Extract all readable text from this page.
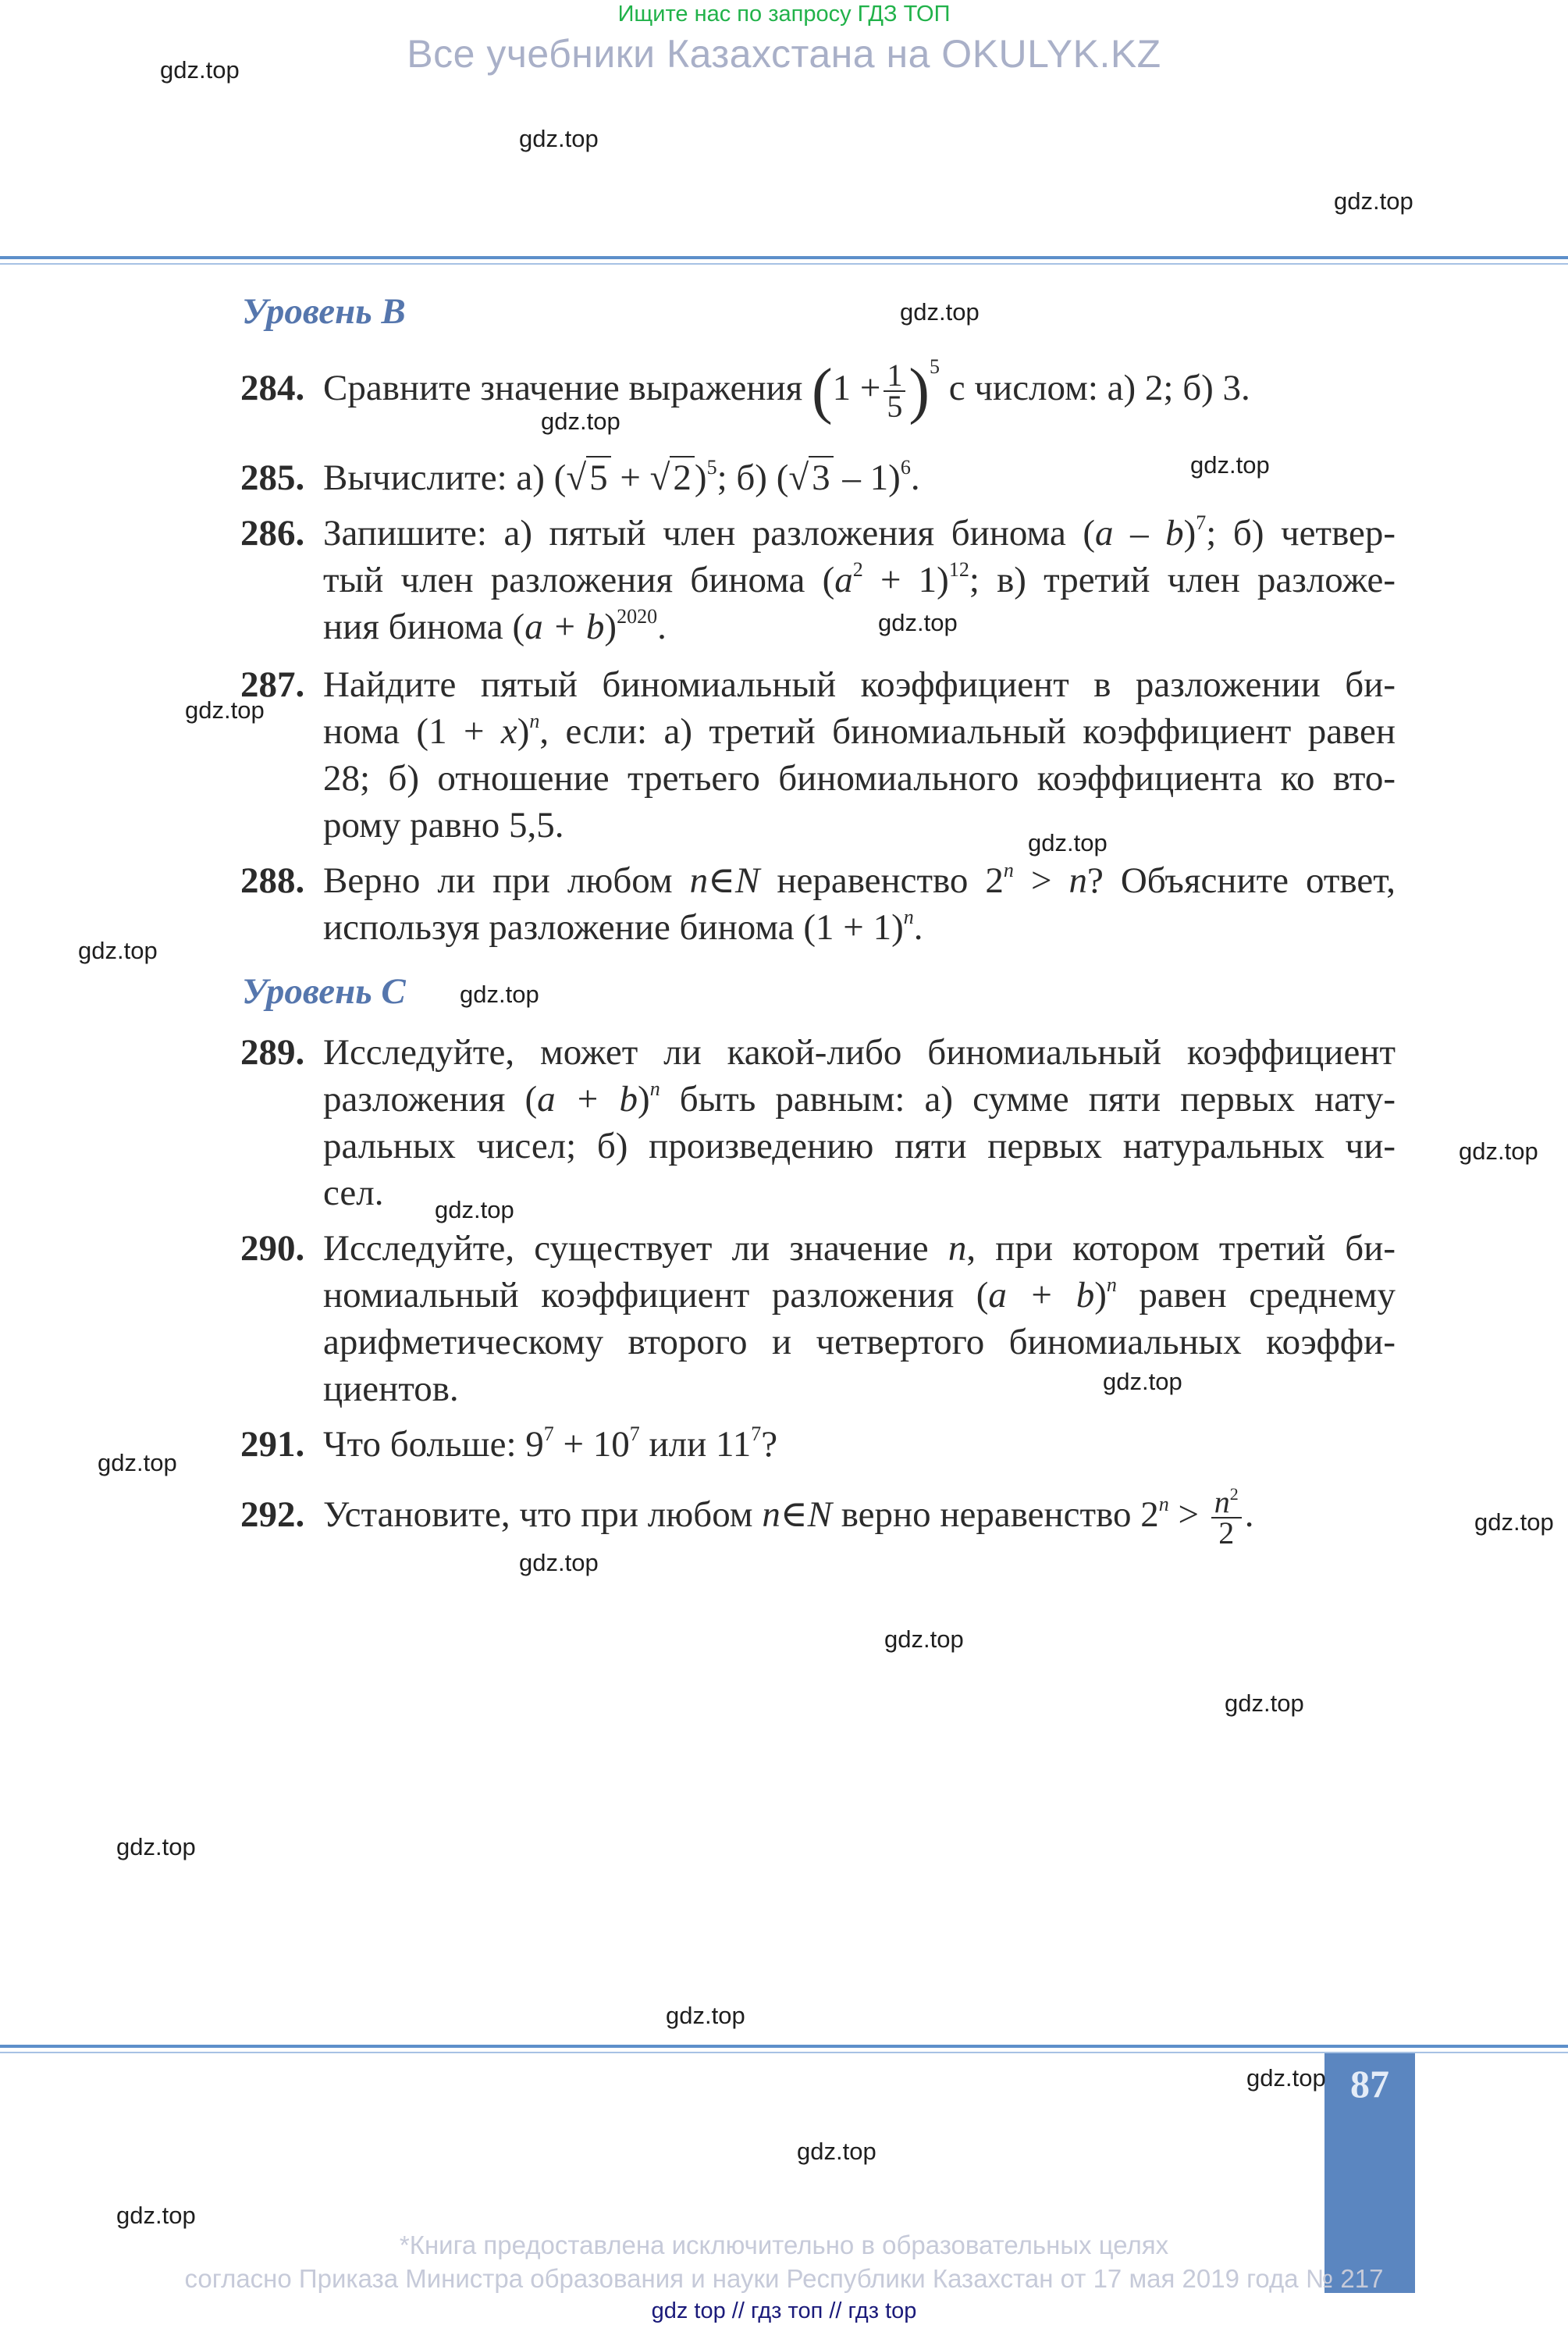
Ищите нас по запросу ГДЗ ТОП
Все учебники Казахстана на OKULYK.KZ
87
Уровень B
284. Сравните значение выражения $(1 + \frac{1}{5} )^5$ с числом: а) 2; б) 3.
285. Вычислите: а) $(√5 + √2)^5$; б) (√3 – 1)$^6$.
286. Запишите: а) пятый член разложения бинома (a – b)$^7$; б) четвер-
тый член разложения бинома $(a^2 + 1)^{12}$; в) третий член разложе-
ния бинома $(a + b)^{2020}$.
287. Найдите пятый биномиальный коэффициент в разложении би-
нома $(1 + x)^n$, если: а) третий биномиальный коэффициент равен
28; б) отношение третьего биномиального коэффициента ко вто-
рому равно 5,5.
288. Верно ли при любом n∈N неравенство $2^n > n$? Объясните ответ,
используя разложение бинома $(1 + 1)^n$.
Уровень C
289. Исследуйте, может ли какой-либо биномиальный коэффициент
разложения $(a + b)^n$ быть равным: а) сумме пяти первых нату-
ральных чисел; б) произведению пяти первых натуральных чи-
сел.
290. Исследуйте, существует ли значение n, при котором третий би-
номиальный коэффициент разложения $(a + b)^n$ равен среднему
арифметическому второго и четвертого биномиальных коэффи-
циентов.
291. Что больше: $9^7 + 10^7$ или $11^7$?
292. Установите, что при любом n∈N верно неравенство $2^n > \frac{n^2}{2}$ .
gdz.top
gdz.top
gdz.top
gdz.top
gdz.top
gdz.top
gdz.top
gdz.top
gdz.top
gdz.top
gdz.top
gdz.top
gdz.top
gdz.top
gdz.top
gdz.top
gdz.top
gdz.top
gdz.top
gdz.top
gdz.top
gdz.top
gdz.top
gdz.top
*Книга предоставлена исключительно в образовательных целях
согласно Приказа Министра образования и науки Республики Казахстан от 17 мая 2019 года № 217
gdz top // гдз топ // гдз top
